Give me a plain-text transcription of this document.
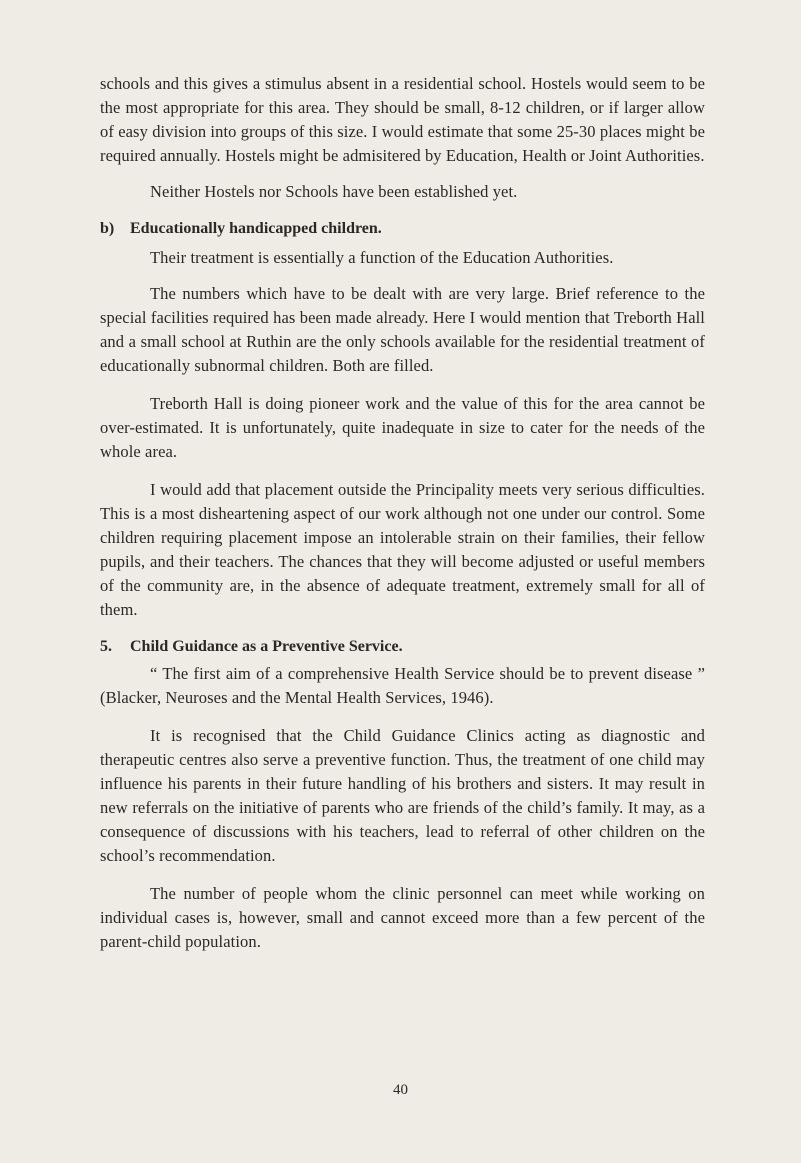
schools and this gives a stimulus absent in a residential school. Hostels would seem to be the most appropriate for this area. They should be small, 8-12 children, or if larger allow of easy division into groups of this size. I would estimate that some 25-30 places might be required annually. Hostels might be admisitered by Education, Health or Joint Authorities.

Neither Hostels nor Schools have been established yet.

b) Educationally handicapped children.

Their treatment is essentially a function of the Education Authorities.

The numbers which have to be dealt with are very large. Brief reference to the special facilities required has been made already. Here I would mention that Treborth Hall and a small school at Ruthin are the only schools available for the residential treatment of educationally subnormal children. Both are filled.

Treborth Hall is doing pioneer work and the value of this for the area cannot be over-estimated. It is unfortunately, quite inadequate in size to cater for the needs of the whole area.

I would add that placement outside the Principality meets very serious difficulties. This is a most disheartening aspect of our work although not one under our control. Some children requiring placement impose an intolerable strain on their families, their fellow pupils, and their teachers. The chances that they will become adjusted or useful members of the community are, in the absence of adequate treatment, extremely small for all of them.

5. Child Guidance as a Preventive Service.

“ The first aim of a comprehensive Health Service should be to prevent disease ” (Blacker, Neuroses and the Mental Health Services, 1946).

It is recognised that the Child Guidance Clinics acting as diagnostic and therapeutic centres also serve a preventive function. Thus, the treatment of one child may influence his parents in their future handling of his brothers and sisters. It may result in new referrals on the initiative of parents who are friends of the child’s family. It may, as a consequence of discussions with his teachers, lead to referral of other children on the school’s recommendation.

The number of people whom the clinic personnel can meet while working on individual cases is, however, small and cannot exceed more than a few percent of the parent-child population.

40
